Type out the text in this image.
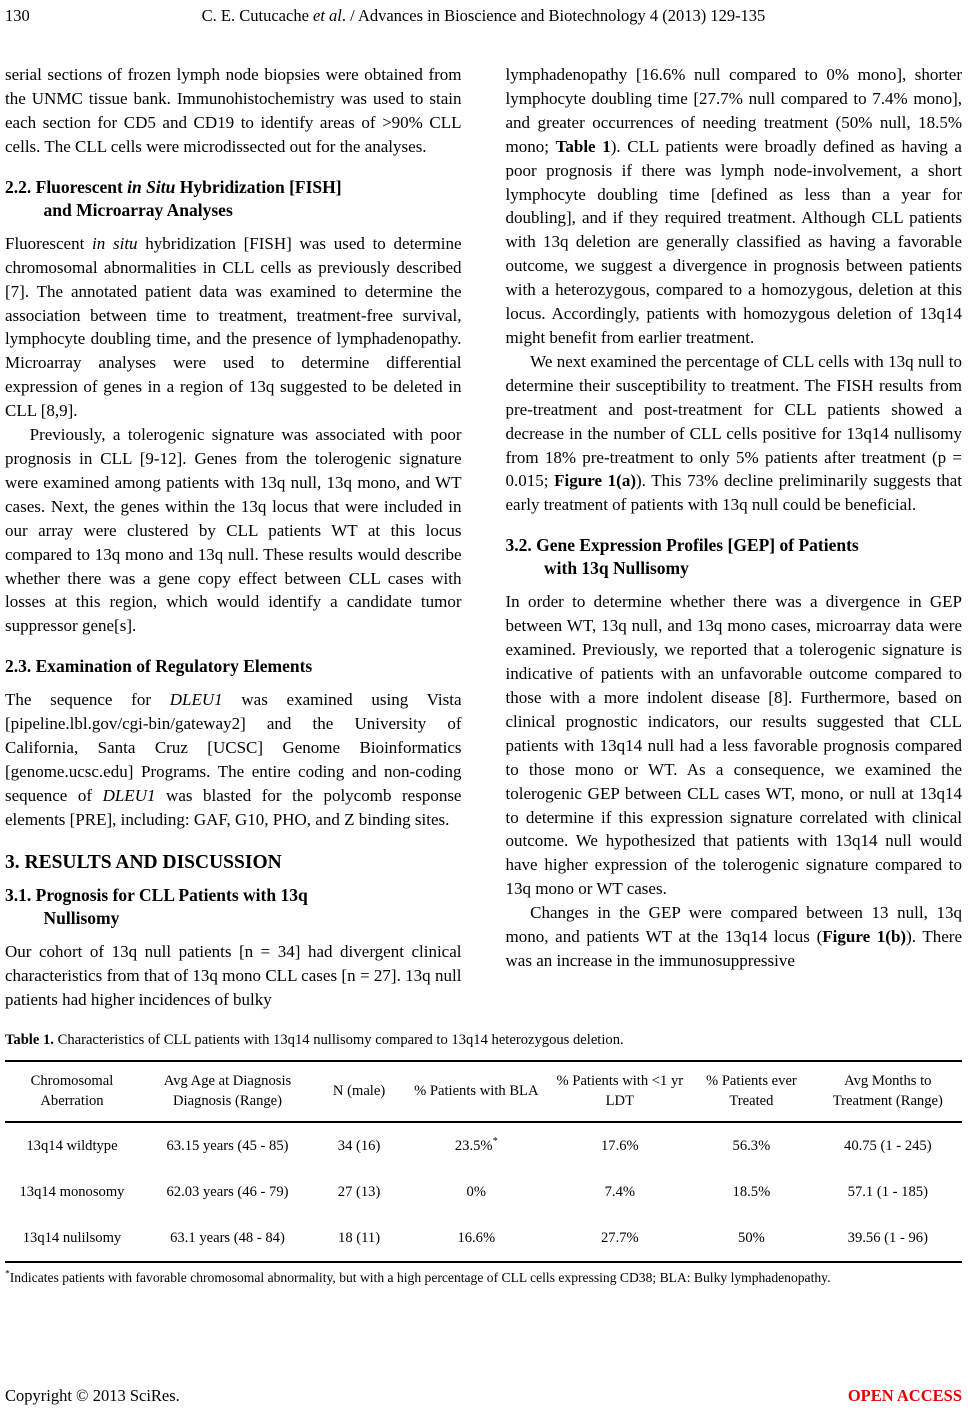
130	C. E. Cutucache et al. / Advances in Bioscience and Biotechnology 4 (2013) 129-135

serial sections of frozen lymph node biopsies were obtained from the UNMC tissue bank. Immunohistochemistry was used to stain each section for CD5 and CD19 to identify areas of >90% CLL cells. The CLL cells were microdissected out for the analyses.

2.2. Fluorescent in Situ Hybridization [FISH]
and Microarray Analyses

Fluorescent in situ hybridization [FISH] was used to determine chromosomal abnormalities in CLL cells as previously described [7]. The annotated patient data was examined to determine the association between time to treatment, treatment-free survival, lymphocyte doubling time, and the presence of lymphadenopathy. Microarray analyses were used to determine differential expression of genes in a region of 13q suggested to be deleted in CLL [8,9].

Previously, a tolerogenic signature was associated with poor prognosis in CLL [9-12]. Genes from the tolerogenic signature were examined among patients with 13q null, 13q mono, and WT cases. Next, the genes within the 13q locus that were included in our array were clustered by CLL patients WT at this locus compared to 13q mono and 13q null. These results would describe whether there was a gene copy effect between CLL cases with losses at this region, which would identify a candidate tumor suppressor gene[s].

2.3. Examination of Regulatory Elements

The sequence for DLEU1 was examined using Vista [pipeline.lbl.gov/cgi-bin/gateway2] and the University of California, Santa Cruz [UCSC] Genome Bioinformatics [genome.ucsc.edu] Programs. The entire coding and non-coding sequence of DLEU1 was blasted for the polycomb response elements [PRE], including: GAF, G10, PHO, and Z binding sites.

3. RESULTS AND DISCUSSION
3.1. Prognosis for CLL Patients with 13q
Nullisomy

Our cohort of 13q null patients [n = 34] had divergent clinical characteristics from that of 13q mono CLL cases [n = 27]. 13q null patients had higher incidences of bulky

lymphadenopathy [16.6% null compared to 0% mono], shorter lymphocyte doubling time [27.7% null compared to 7.4% mono], and greater occurrences of needing treatment (50% null, 18.5% mono; Table 1). CLL patients were broadly defined as having a poor prognosis if there was lymph node-involvement, a short lymphocyte doubling time [defined as less than a year for doubling], and if they required treatment. Although CLL patients with 13q deletion are generally classified as having a favorable outcome, we suggest a divergence in prognosis between patients with a heterozygous, compared to a homozygous, deletion at this locus. Accordingly, patients with homozygous deletion of 13q14 might benefit from earlier treatment.

We next examined the percentage of CLL cells with 13q null to determine their susceptibility to treatment. The FISH results from pre-treatment and post-treatment for CLL patients showed a decrease in the number of CLL cells positive for 13q14 nullisomy from 18% pre-treatment to only 5% patients after treatment (p = 0.015; Figure 1(a)). This 73% decline preliminarily suggests that early treatment of patients with 13q null could be beneficial.

3.2. Gene Expression Profiles [GEP] of Patients
with 13q Nullisomy

In order to determine whether there was a divergence in GEP between WT, 13q null, and 13q mono cases, microarray data were examined. Previously, we reported that a tolerogenic signature is indicative of patients with an unfavorable outcome compared to those with a more indolent disease [8]. Furthermore, based on clinical prognostic indicators, our results suggested that CLL patients with 13q14 null had a less favorable prognosis compared to those mono or WT. As a consequence, we examined the tolerogenic GEP between CLL cases WT, mono, or null at 13q14 to determine if this expression signature correlated with clinical outcome. We hypothesized that patients with 13q14 null would have higher expression of the tolerogenic signature compared to 13q mono or WT cases.

Changes in the GEP were compared between 13 null, 13q mono, and patients WT at the 13q14 locus (Figure 1(b)). There was an increase in the immunosuppressive

Table 1. Characteristics of CLL patients with 13q14 nullisomy compared to 13q14 heterozygous deletion.

Chromosomal Aberration	Avg Age at Diagnosis Diagnosis (Range)	N (male)	% Patients with BLA	% Patients with <1 yr LDT	% Patients ever Treated	Avg Months to Treatment (Range)
13q14 wildtype	63.15 years (45 - 85)	34 (16)	23.5%*	17.6%	56.3%	40.75 (1 - 245)
13q14 monosomy	62.03 years (46 - 79)	27 (13)	0%	7.4%	18.5%	57.1 (1 - 185)
13q14 nulilsomy	63.1 years (48 - 84)	18 (11)	16.6%	27.7%	50%	39.56 (1 - 96)

*Indicates patients with favorable chromosomal abnormality, but with a high percentage of CLL cells expressing CD38; BLA: Bulky lymphadenopathy.

Copyright © 2013 SciRes.	OPEN ACCESS
